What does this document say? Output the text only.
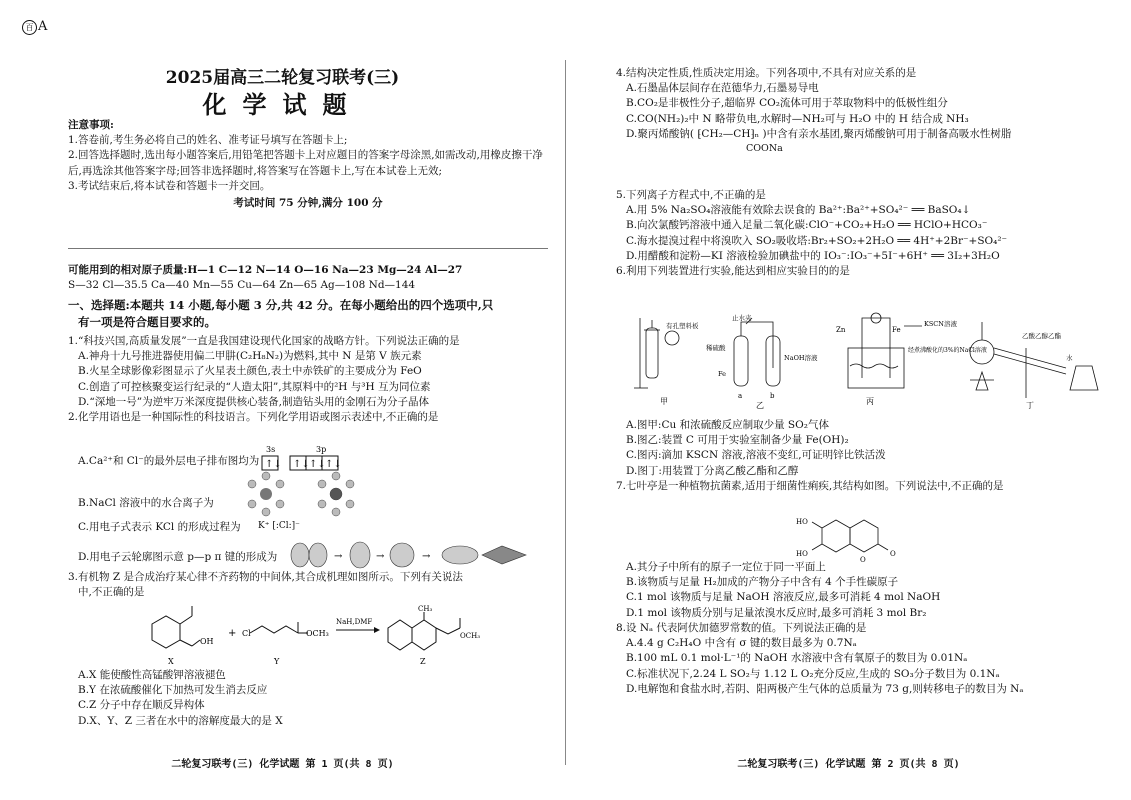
百 A
2025届高三二轮复习联考(三)
化学试题

注意事项:

1.答卷前,考生务必将自己的姓名、准考证号填写在答题卡上;

2.回答选择题时,选出每小题答案后,用铅笔把答题卡上对应题目的答案字母涂黑,如需改动,用橡皮擦干净后,再选涂其他答案字母;回答非选择题时,将答案写在答题卡上,写在本试卷上无效;

3.考试结束后,将本试卷和答题卡一并交回。

考试时间 75 分钟,满分 100 分

可能用到的相对原子质量:H—1 C—12 N—14 O—16 Na—23 Mg—24 Al—27

S—32 Cl—35.5 Ca—40 Mn—55 Cu—64 Zn—65 Ag—108 Nd—144

一、选择题:本题共 14 小题,每小题 3 分,共 42 分。在每小题给出的四个选项中,只

有一项是符合题目要求的。

1.“科技兴国,高质量发展”一直是我国建设现代化国家的战略方针。下列说法正确的是

A.神舟十九号推进器使用偏二甲肼(C₂H₈N₂)为燃料,其中 N 是第 V 族元素

B.火星全球影像彩图显示了火星表土颜色,表土中赤铁矿的主要成分为 FeO

C.创造了可控核聚变运行纪录的“人造太阳”,其原料中的²H 与³H 互为同位素

D.“深地一号”为逆牢万米深度提供核心装备,制造钻头用的金刚石为分子晶体

2.化学用语也是一种国际性的科技语言。下列化学用语或图示表述中,不正确的是

A.Ca²⁺和 Cl⁻的最外层电子排布图均为
3s	3p
↑↓ ↑↓ ↑↓ ↑↓
B.NaCl 溶液中的水合离子为
C.用电子式表示 KCl 的形成过程为 K⁺ [:Cl:]⁻
D.用电子云轮廓图示意 p—p π 键的形成为	→	→	→

3.有机物 Z 是合成治疗某心律不齐药物的中间体,其合成机理如图所示。下列有关说法

中,不正确的是

OH
X
+ Cl	OCH₃
Y
NaH,DMF
CH₃
OCH₃
Z

A.X 能使酸性高锰酸钾溶液褪色

B.Y 在浓硫酸催化下加热可发生消去反应

C.Z 分子中存在顺反异构体

D.X、Y、Z 三者在水中的溶解度最大的是 X

二轮复习联考(三) 化学试题 第 1 页(共 8 页)

4.结构决定性质,性质决定用途。下列各项中,不具有对应关系的是

A.石墨晶体层间存在范德华力,石墨易导电

B.CO₂是非极性分子,超临界 CO₂流体可用于萃取物料中的低极性组分

C.CO(NH₂)₂中 N 略带负电,水解时—NH₂可与 H₂O 中的 H 结合成 NH₃

D.聚丙烯酸钠( ⁅CH₂—CH⁆ₙ )中含有亲水基团,聚丙烯酸钠可用于制备高吸水性树脂

COONa

5.下列离子方程式中,不正确的是

A.用 5% Na₂SO₄溶液能有效除去误食的 Ba²⁺:Ba²⁺+SO₄²⁻ ══ BaSO₄↓

B.向次氯酸钙溶液中通入足量二氧化碳:ClO⁻+CO₂+H₂O ══ HClO+HCO₃⁻

C.海水提溴过程中将溴吹入 SO₂吸收塔:Br₂+SO₂+2H₂O ══ 4H⁺+2Br⁻+SO₄²⁻

D.用醋酸和淀粉—KI 溶液检验加碘盐中的 IO₃⁻:IO₃⁻+5I⁻+6H⁺ ══ 3I₂+3H₂O

6.利用下列装置进行实验,能达到相应实验目的的是

有孔塑料板
甲
止水夹
稀硫酸
Fe
NaOH溶液
a	b
乙
Zn	Fe
KSCN溶液
经煮沸酸化的3%的NaCl溶液
丙
乙酸乙醇乙酯
水
丁

A.图甲:Cu 和浓硫酸反应制取少量 SO₂气体

B.图乙:装置 C 可用于实验室制备少量 Fe(OH)₂

C.图丙:滴加 KSCN 溶液,溶液不变红,可证明锌比铁活泼

D.图丁:用装置丁分离乙酸乙酯和乙醇

7.七叶亭是一种植物抗菌素,适用于细菌性痢疾,其结构如图。下列说法中,不正确的是

HO
HO
O
O

A.其分子中所有的原子一定位于同一平面上

B.该物质与足量 H₂加成的产物分子中含有 4 个手性碳原子

C.1 mol 该物质与足量 NaOH 溶液反应,最多可消耗 4 mol NaOH

D.1 mol 该物质分别与足量浓溴水反应时,最多可消耗 3 mol Br₂

8.设 Nₐ 代表阿伏加德罗常数的值。下列说法正确的是

A.4.4 g C₂H₄O 中含有 σ 键的数目最多为 0.7Nₐ

B.100 mL 0.1 mol·L⁻¹的 NaOH 水溶液中含有氧原子的数目为 0.01Nₐ

C.标准状况下,2.24 L SO₂与 1.12 L O₂充分反应,生成的 SO₃分子数目为 0.1Nₐ

D.电解饱和食盐水时,若阴、阳两极产生气体的总质量为 73 g,则转移电子的数目为 Nₐ

二轮复习联考(三) 化学试题 第 2 页(共 8 页)
